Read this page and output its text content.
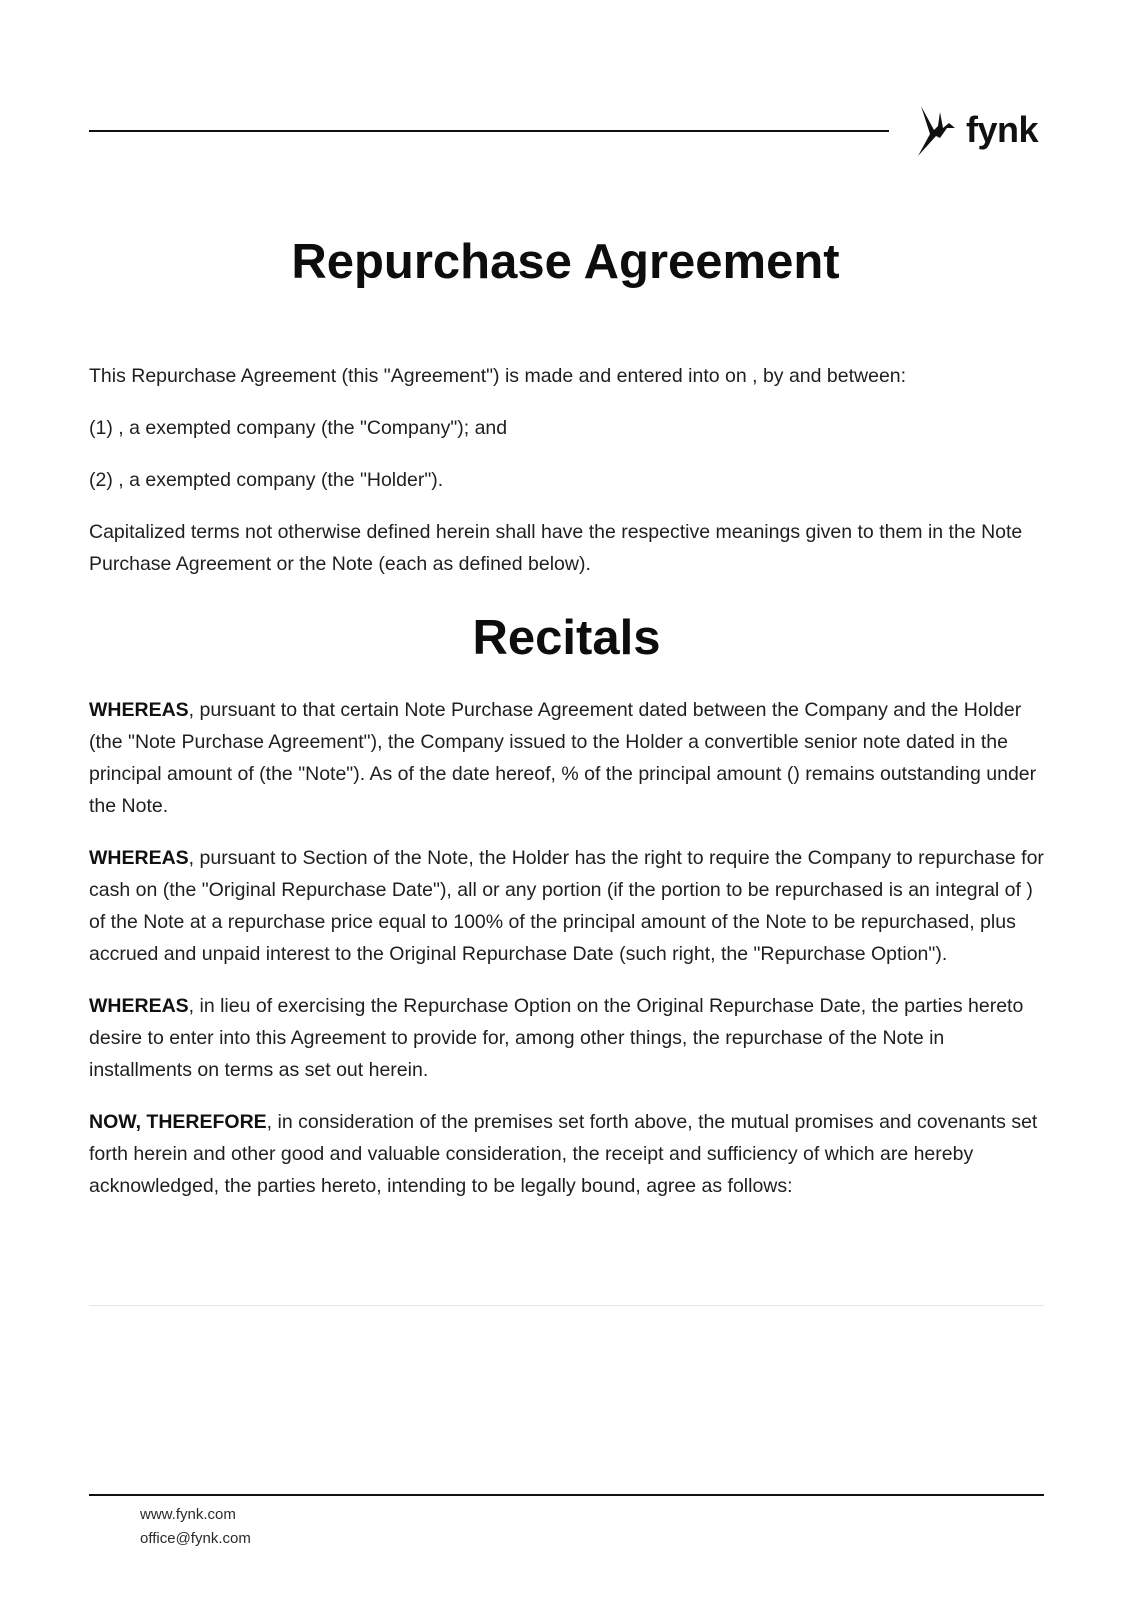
fynk
Repurchase Agreement

This Repurchase Agreement (this "Agreement") is made and entered into on , by and between:

(1) , a exempted company (the "Company"); and

(2) , a exempted company (the "Holder").

Capitalized terms not otherwise defined herein shall have the respective meanings given to them in the Note Purchase Agreement or the Note (each as defined below).

Recitals

WHEREAS, pursuant to that certain Note Purchase Agreement dated between the Company and the Holder (the "Note Purchase Agreement"), the Company issued to the Holder a convertible senior note dated in the principal amount of (the "Note"). As of the date hereof, % of the principal amount () remains outstanding under the Note.

WHEREAS, pursuant to Section of the Note, the Holder has the right to require the Company to repurchase for cash on (the "Original Repurchase Date"), all or any portion (if the portion to be repurchased is an integral of ) of the Note at a repurchase price equal to 100% of the principal amount of the Note to be repurchased, plus accrued and unpaid interest to the Original Repurchase Date (such right, the "Repurchase Option").

WHEREAS, in lieu of exercising the Repurchase Option on the Original Repurchase Date, the parties hereto desire to enter into this Agreement to provide for, among other things, the repurchase of the Note in installments on terms as set out herein.

NOW, THEREFORE, in consideration of the premises set forth above, the mutual promises and covenants set forth herein and other good and valuable consideration, the receipt and sufficiency of which are hereby acknowledged, the parties hereto, intending to be legally bound, agree as follows:

www.fynk.com
office@fynk.com
